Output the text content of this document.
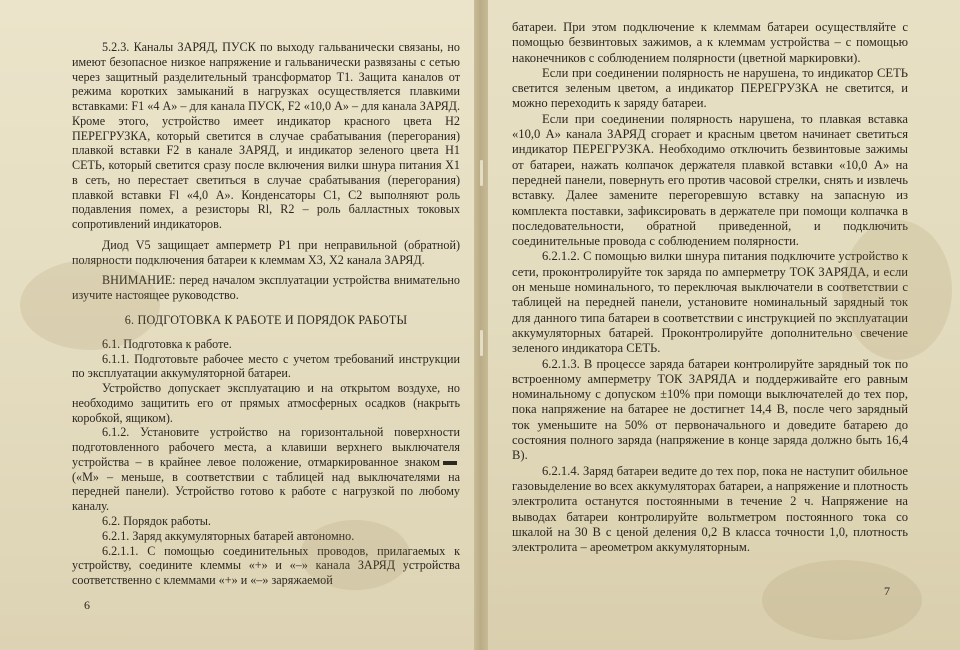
5.2.3. Каналы ЗАРЯД, ПУСК по выходу гальванически связаны, но имеют безопасное низкое напряжение и гальванически развязаны с сетью через защитный разделительный трансформатор Т1. Защита каналов от режима коротких замыканий в нагрузках осуществляется плавкими вставками: F1 «4 А» – для канала ПУСК, F2 «10,0 А» – для канала ЗАРЯД. Кроме этого, устройство имеет индикатор красного цвета Н2 ПЕРЕГРУЗКА, который светится в случае срабатывания (перегорания) плавкой вставки F2 в канале ЗАРЯД, и индикатор зеленого цвета Н1 СЕТЬ, который светится сразу после включения вилки шнура питания Х1 в сеть, но перестает светиться в случае срабатывания (перегорания) плавкой вставки Fl «4,0 А». Конденсаторы С1, С2 выполняют роль подавления помех, а резисторы Rl, R2 – роль балластных токовых сопротивлений индикаторов.

Диод V5 защищает амперметр Р1 при неправильной (обратной) полярности подключения батареи к клеммам Х3, Х2 канала ЗАРЯД.

ВНИМАНИЕ: перед началом эксплуатации устройства внимательно изучите настоящее руководство.

6. ПОДГОТОВКА К РАБОТЕ И ПОРЯДОК РАБОТЫ

6.1. Подготовка к работе.

6.1.1. Подготовьте рабочее место с учетом требований инструкции по эксплуатации аккумуляторной батареи.

Устройство допускает эксплуатацию и на открытом воздухе, но необходимо защитить его от прямых атмосферных осадков (накрыть коробкой, ящиком).

6.1.2. Установите устройство на горизонтальной поверхности подготовленного рабочего места, а клавиши верхнего выключателя устройства – в крайнее левое положение, отмаркированное знаком(«М» – меньше, в соответствии с таблицей над выключателями на передней панели). Устройство готово к работе с нагрузкой по любому каналу.

6.2. Порядок работы.

6.2.1. Заряд аккумуляторных батарей автономно.

6.2.1.1. С помощью соединительных проводов, прилагаемых к устройству, соедините клеммы «+» и «–» канала ЗАРЯД устройства соответственно с клеммами «+» и «–» заряжаемой

6

батареи. При этом подключение к клеммам батареи осуществляйте с помощью безвинтовых зажимов, а к клеммам устройства – с помощью наконечников с соблюдением полярности (цветной маркировки).

Если при соединении полярность не нарушена, то индикатор СЕТЬ светится зеленым цветом, а индикатор ПЕРЕГРУЗКА не светится, и можно переходить к заряду батареи.

Если при соединении полярность нарушена, то плавкая вставка «10,0 А» канала ЗАРЯД сгорает и красным цветом начинает светиться индикатор ПЕРЕГРУЗКА. Необходимо отключить безвинтовые зажимы от батареи, нажать колпачок держателя плавкой вставки «10,0 А» на передней панели, повернуть его против часовой стрелки, снять и извлечь вставку. Далее замените перегоревшую вставку на запасную из комплекта поставки, зафиксировать в держателе при помощи колпачка в последовательности, обратной приведенной, и подключить соединительные провода с соблюдением полярности.

6.2.1.2. С помощью вилки шнура питания подключите устройство к сети, проконтролируйте ток заряда по амперметру ТОК ЗАРЯДА, и если он меньше номинального, то переключая выключатели в соответствии с таблицей на передней панели, установите номинальный зарядный ток для данного типа батареи в соответствии с инструкцией по эксплуатации аккумуляторных батарей. Проконтролируйте дополнительно свечение зеленого индикатора СЕТЬ.

6.2.1.3. В процессе заряда батареи контролируйте зарядный ток по встроенному амперметру ТОК ЗАРЯДА и поддерживайте его равным номинальному с допуском ±10% при помощи выключателей до тех пор, пока напряжение на батарее не достигнет 14,4 В, после чего зарядный ток уменьшите на 50% от первоначального и доведите батарею до состояния полного заряда (напряжение в конце заряда должно быть 16,4 В).

6.2.1.4. Заряд батареи ведите до тех пор, пока не наступит обильное газовыделение во всех аккумуляторах батареи, а напряжение и плотность электролита останутся постоянными в течение 2 ч. Напряжение на выводах батареи контролируйте вольтметром постоянного тока со шкалой на 30 В с ценой деления 0,2 В класса точности 1,0, плотность электролита – ареометром аккумуляторным.

7
